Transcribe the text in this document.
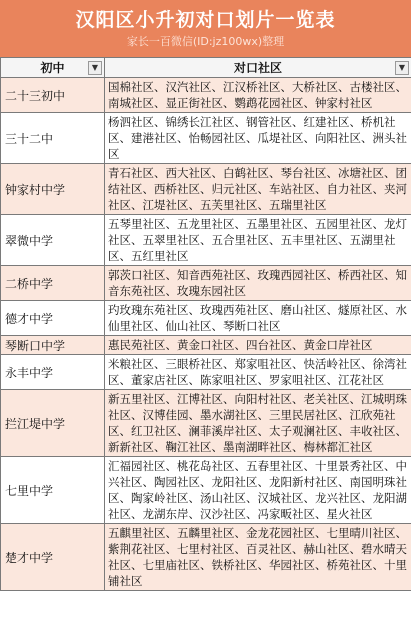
汉阳区小升初对口划片一览表
家长一百微信(ID:jz100wx)整理
初中 ▼	对口社区 ▼

二十三初中	国棉社区、汉汽社区、江汉桥社区、大桥社区、古楼社区、南城社区、显正街社区、鹦鹉花园社区、钟家村社区
三十二中	杨泗社区、锦绣长江社区、钢管社区、红建社区、桥机社区、建港社区、怡畅园社区、瓜堤社区、向阳社区、洲头社区
钟家村中学	青石社区、西大社区、白鹤社区、琴台社区、冰塘社区、团结社区、西桥社区、归元社区、车站社区、自力社区、夹河社区、江堤社区、五芙里社区、五瑞里社区
翠微中学	五琴里社区、五龙里社区、五墨里社区、五园里社区、龙灯社区、五翠里社区、五合里社区、五丰里社区、五湖里社区、五红里社区
二桥中学	郭茨口社区、知音西苑社区、玫瑰西园社区、桥西社区、知音东苑社区、玫瑰东园社区
德才中学	玓玫瑰东苑社区、玫瑰西苑社区、磨山社区、燧原社区、水仙里社区、仙山社区、琴断口社区
琴断口中学	惠民苑社区、黄金口社区、四台社区、黄金口岸社区
永丰中学	米粮社区、三眼桥社区、郑家咀社区、快活岭社区、徐湾社区、董家店社区、陈家咀社区、罗家咀社区、江花社区
拦江堤中学	新五里社区、江博社区、向阳村社区、老关社区、江城明珠社区、汉博佳园、墨水湖社区、三里民居社区、江欣苑社区、红卫社区、澜菲溪岸社区、太子观澜社区、丰收社区、新新社区、鞠江社区、墨南湖畔社区、梅林都汇社区
七里中学	汇福园社区、桃花岛社区、五春里社区、十里景秀社区、中兴社区、陶园社区、龙阳社区、龙阳新村社区、南国明珠社区、陶家岭社区、汤山社区、汉城社区、龙兴社区、龙阳湖社区、龙湖东岸、汉沙社区、冯家畈社区、星火社区
楚才中学	五麒里社区、五麟里社区、金龙花园社区、七里晴川社区、紫荆花社区、七里村社区、百灵社区、赫山社区、碧水晴天社区、七里庙社区、铁桥社区、华园社区、桥苑社区、十里铺社区
